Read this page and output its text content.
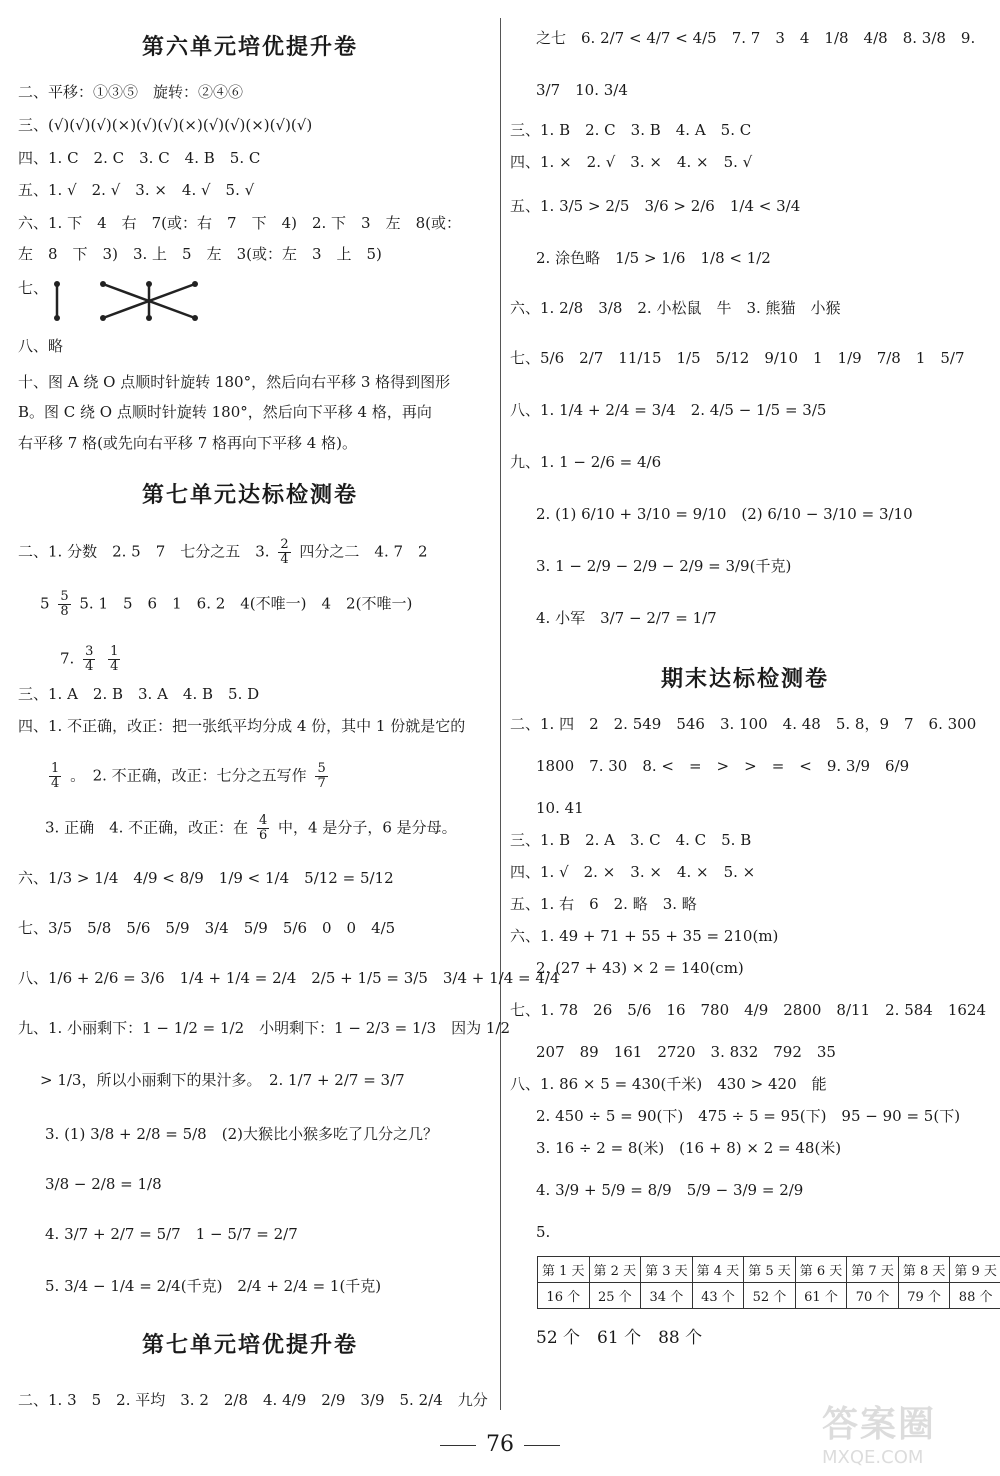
第六单元培优提升卷
二、平移：①③⑤　旋转：②④⑥
三、(√)(√)(√)(×)(√)(√)(×)(√)(√)(×)(√)(√)
四、1. C　2. C　3. C　4. B　5. C
五、1. √　2. √　3. ×　4. √　5. √
六、1. 下　4　右　7(或：右　7　下　4)　2. 下　3　左　8(或：
左　8　下　3)　3. 上　5　左　3(或：左　3　上　5)
七、
八、略
十、图 A 绕 O 点顺时针旋转 180°，然后向右平移 3 格得到图形
B。图 C 绕 O 点顺时针旋转 180°，然后向下平移 4 格，再向
右平移 7 格(或先向右平移 7 格再向下平移 4 格)。
第七单元达标检测卷
二、1. 分数　2. 5　7　七分之五　3. $\frac{2}{4}$ 四分之二　4. 7　2
$5 \frac{5}{8} 5$. 1　5　6　1　6. 2　4(不唯一)　4　2(不唯一)
7. $\frac{3}{4}$
$\frac{1}{4}$
三、1. A　2. B　3. A　4. B　5. D
四、1. 不正确，改正：把一张纸平均分成 4 份，其中 1 份就是它的
$\frac{1}{4}$ 。　2. 不正确，改正：七分之五写作 $\frac{5}{7}$
3. 正确　4. 不正确，改正：在 $\frac{4}{6}$ 中，4 是分子，6 是分母。
六、1/3 > 1/4　4/9 < 8/9　1/9 < 1/4　5/12 = 5/12
七、3/5　5/8　5/6　5/9　3/4　5/9　5/6　0　0　4/5
八、1/6 + 2/6 = 3/6　1/4 + 1/4 = 2/4　2/5 + 1/5 = 3/5　3/4 + 1/4 = 4/4
九、1. 小丽剩下：1 − 1/2 = 1/2　小明剩下：1 − 2/3 = 1/3　因为 1/2
> 1/3，所以小丽剩下的果汁多。　2. 1/7 + 2/7 = 3/7
3. (1) 3/8 + 2/8 = 5/8　(2)大猴比小猴多吃了几分之几？
3/8 − 2/8 = 1/8
4. 3/7 + 2/7 = 5/7　1 − 5/7 = 2/7
5. 3/4 − 1/4 = 2/4(千克)　2/4 + 2/4 = 1(千克)
第七单元培优提升卷
二、1. 3　5　2. 平均　3. 2　2/8　4. 4/9　2/9　3/9　5. 2/4　九分
之七　6. 2/7 < 4/7 < 4/5　7. 7　3　4　1/8　4/8　8. 3/8　9.
3/7　10. 3/4
三、1. B　2. C　3. B　4. A　5. C
四、1. ×　2. √　3. ×　4. ×　5. √
五、1. 3/5 > 2/5　3/6 > 2/6　1/4 < 3/4
2. 涂色略　1/5 > 1/6　1/8 < 1/2
六、1. 2/8　3/8　2. 小松鼠　牛　3. 熊猫　小猴
七、5/6　2/7　11/15　1/5　5/12　9/10　1　1/9　7/8　1　5/7
八、1. 1/4 + 2/4 = 3/4　2. 4/5 − 1/5 = 3/5
九、1. 1 − 2/6 = 4/6
2. (1) 6/10 + 3/10 = 9/10　(2) 6/10 − 3/10 = 3/10
3. 1 − 2/9 − 2/9 − 2/9 = 3/9(千克)
4. 小军　3/7 − 2/7 = 1/7
期末达标检测卷
二、1. 四　2　2. 549　546　3. 100　4. 48　5. 8，9　7　6. 300
1800　7. 30　8. <　=　>　>　=　<　9. 3/9　6/9
10. 41
三、1. B　2. A　3. C　4. C　5. B
四、1. √　2. ×　3. ×　4. ×　5. ×
五、1. 右　6　2. 略　3. 略
六、1. 49 + 71 + 55 + 35 = 210(m)
2. (27 + 43) × 2 = 140(cm)
七、1. 78　26　5/6　16　780　4/9　2800　8/11　2. 584　1624
207　89　161　2720　3. 832　792　35
八、1. 86 × 5 = 430(千米)　430 > 420　能
2. 450 ÷ 5 = 90(下)　475 ÷ 5 = 95(下)　95 − 90 = 5(下)
3. 16 ÷ 2 = 8(米)　(16 + 8) × 2 = 48(米)
4. 3/9 + 5/9 = 8/9　5/9 − 3/9 = 2/9
5.
第 1 天	第 2 天	第 3 天	第 4 天	第 5 天	第 6 天	第 7 天	第 8 天	第 9 天
16 个	25 个	34 个	43 个	52 个	61 个	70 个	79 个	88 个
52 个　61 个　88 个
76	答案圈
MXQE.COM
